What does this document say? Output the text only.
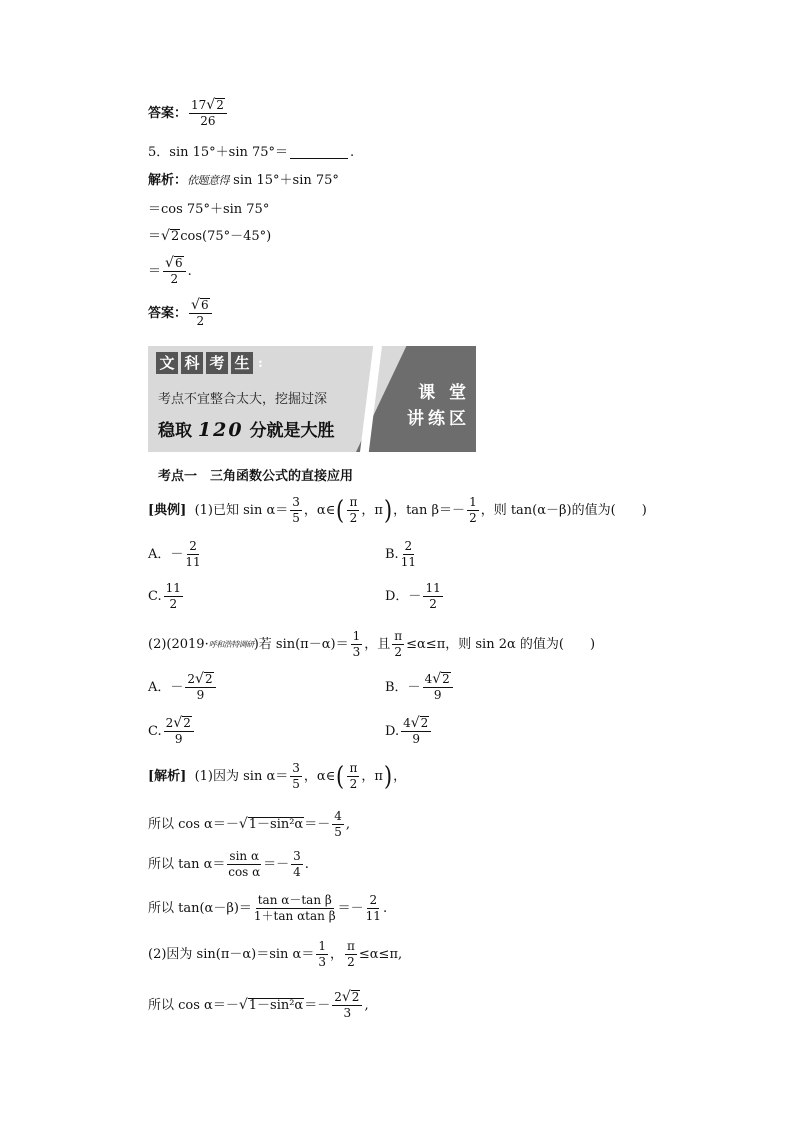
答案：
17 √ 2
26
5．sin 15°＋sin 75°＝	.
解析： 依题意得
sin 15°＋sin 75°
＝cos 75°＋sin 75°
＝ √ 2 cos(75°－45°)
＝
√ 6
2
.
答案：
√ 6
2
文 科 考 生 :
考点不宜整合太大，挖掘过深
稳取 120 分就是大胜
课 堂
讲练区
考点一　三角函数公式的直接应用
[典例]
(1)已知 sin α＝
3
5 ，α∈ ( π
2 ， π ) ，tan β＝－
1
2 ，则 tan(α－β)的值为( )
A．－
2
11	B.
2
11
C.
11
2	D．－
11
2
(2)(2019· 呼和浩特调研 )若 sin(π－α)＝
1
3 ，且 $\frac{\pi}{2} \le\alpha\le\pi$，则 sin 2α 的值为( )
A．－
2 √ 2
9
B．－
4 √ 2
9
C.
2 √ 2
9
D.
4 √ 2
9
[解析]
(1)因为 sin α＝
3
5 ，α∈ ( π
2 ， π ) ，
所以 cos α＝－ √ 1－sin²α ＝－
4
5 ,
所以 tan α＝
sin α
cos α ＝－
3
4 .
所以 tan(α－β)＝
tan α－tan β
1＋tan αtan β ＝－
2
11 .
(2)因为 sin(π－α)＝sin α＝
1
3 ， $\frac{\pi}{2} \le\alpha\le\pi$,
所以 cos α＝－ √ 1－sin²α ＝－
2 √ 2
3
,
